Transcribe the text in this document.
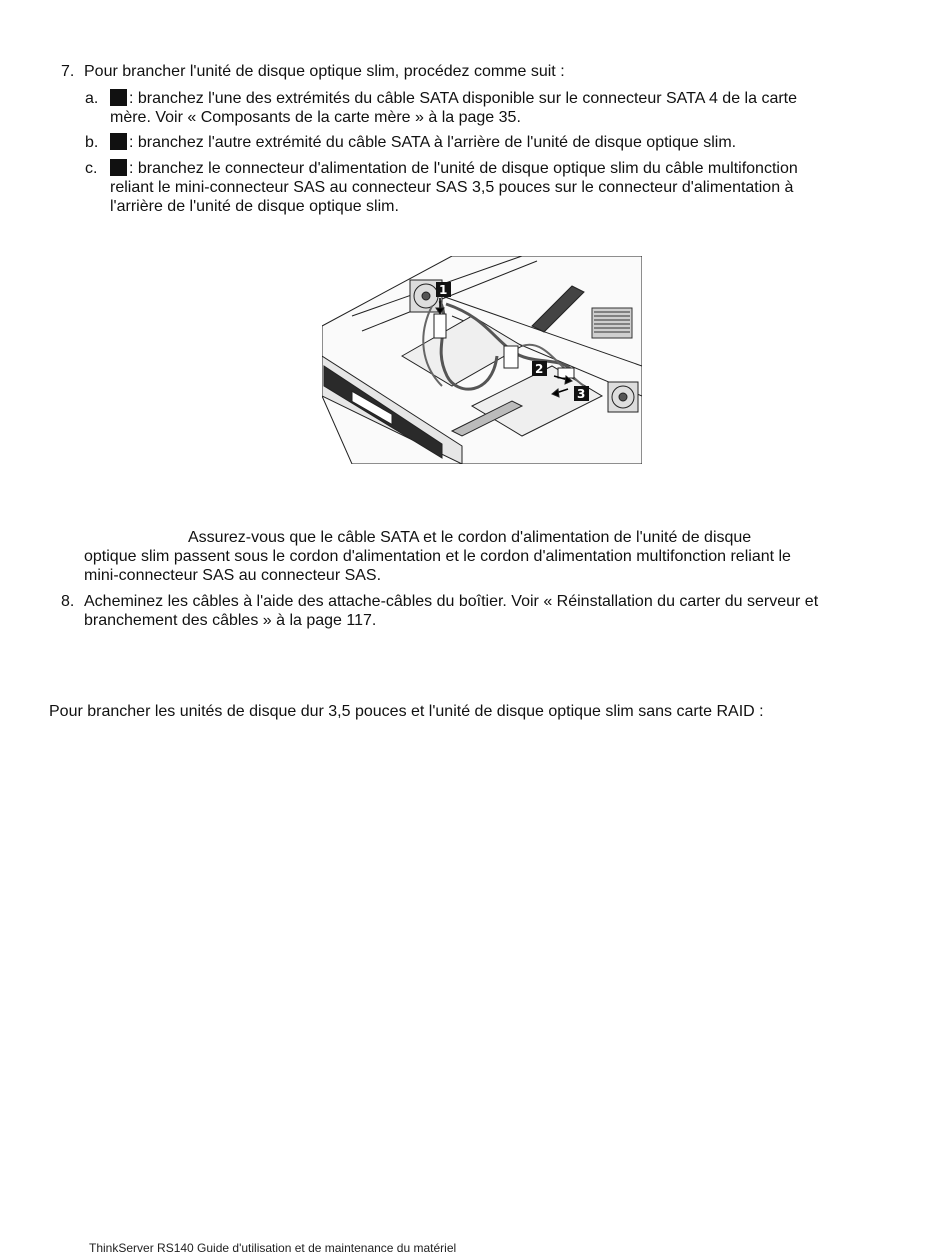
7. Pour brancher l'unité de disque optique slim, procédez comme suit :
a.	: branchez l'une des extrémités du câble SATA disponible sur le connecteur SATA 4 de la carte
mère. Voir « Composants de la carte mère » à la page 35.
b.	: branchez l'autre extrémité du câble SATA à l'arrière de l'unité de disque optique slim.
c.	: branchez le connecteur d'alimentation de l'unité de disque optique slim du câble multifonction
reliant le mini-connecteur SAS au connecteur SAS 3,5 pouces sur le connecteur d'alimentation à
l'arrière de l'unité de disque optique slim.
1
2
3
Assurez-vous que le câble SATA et le cordon d'alimentation de l'unité de disque
optique slim passent sous le cordon d'alimentation et le cordon d'alimentation multifonction reliant le
mini-connecteur SAS au connecteur SAS.
8. Acheminez les câbles à l'aide des attache-câbles du boîtier. Voir « Réinstallation du carter du serveur et
branchement des câbles » à la page 117.
Pour brancher les unités de disque dur 3,5 pouces et l'unité de disque optique slim sans carte RAID :
ThinkServer RS140 Guide d'utilisation et de maintenance du matériel
